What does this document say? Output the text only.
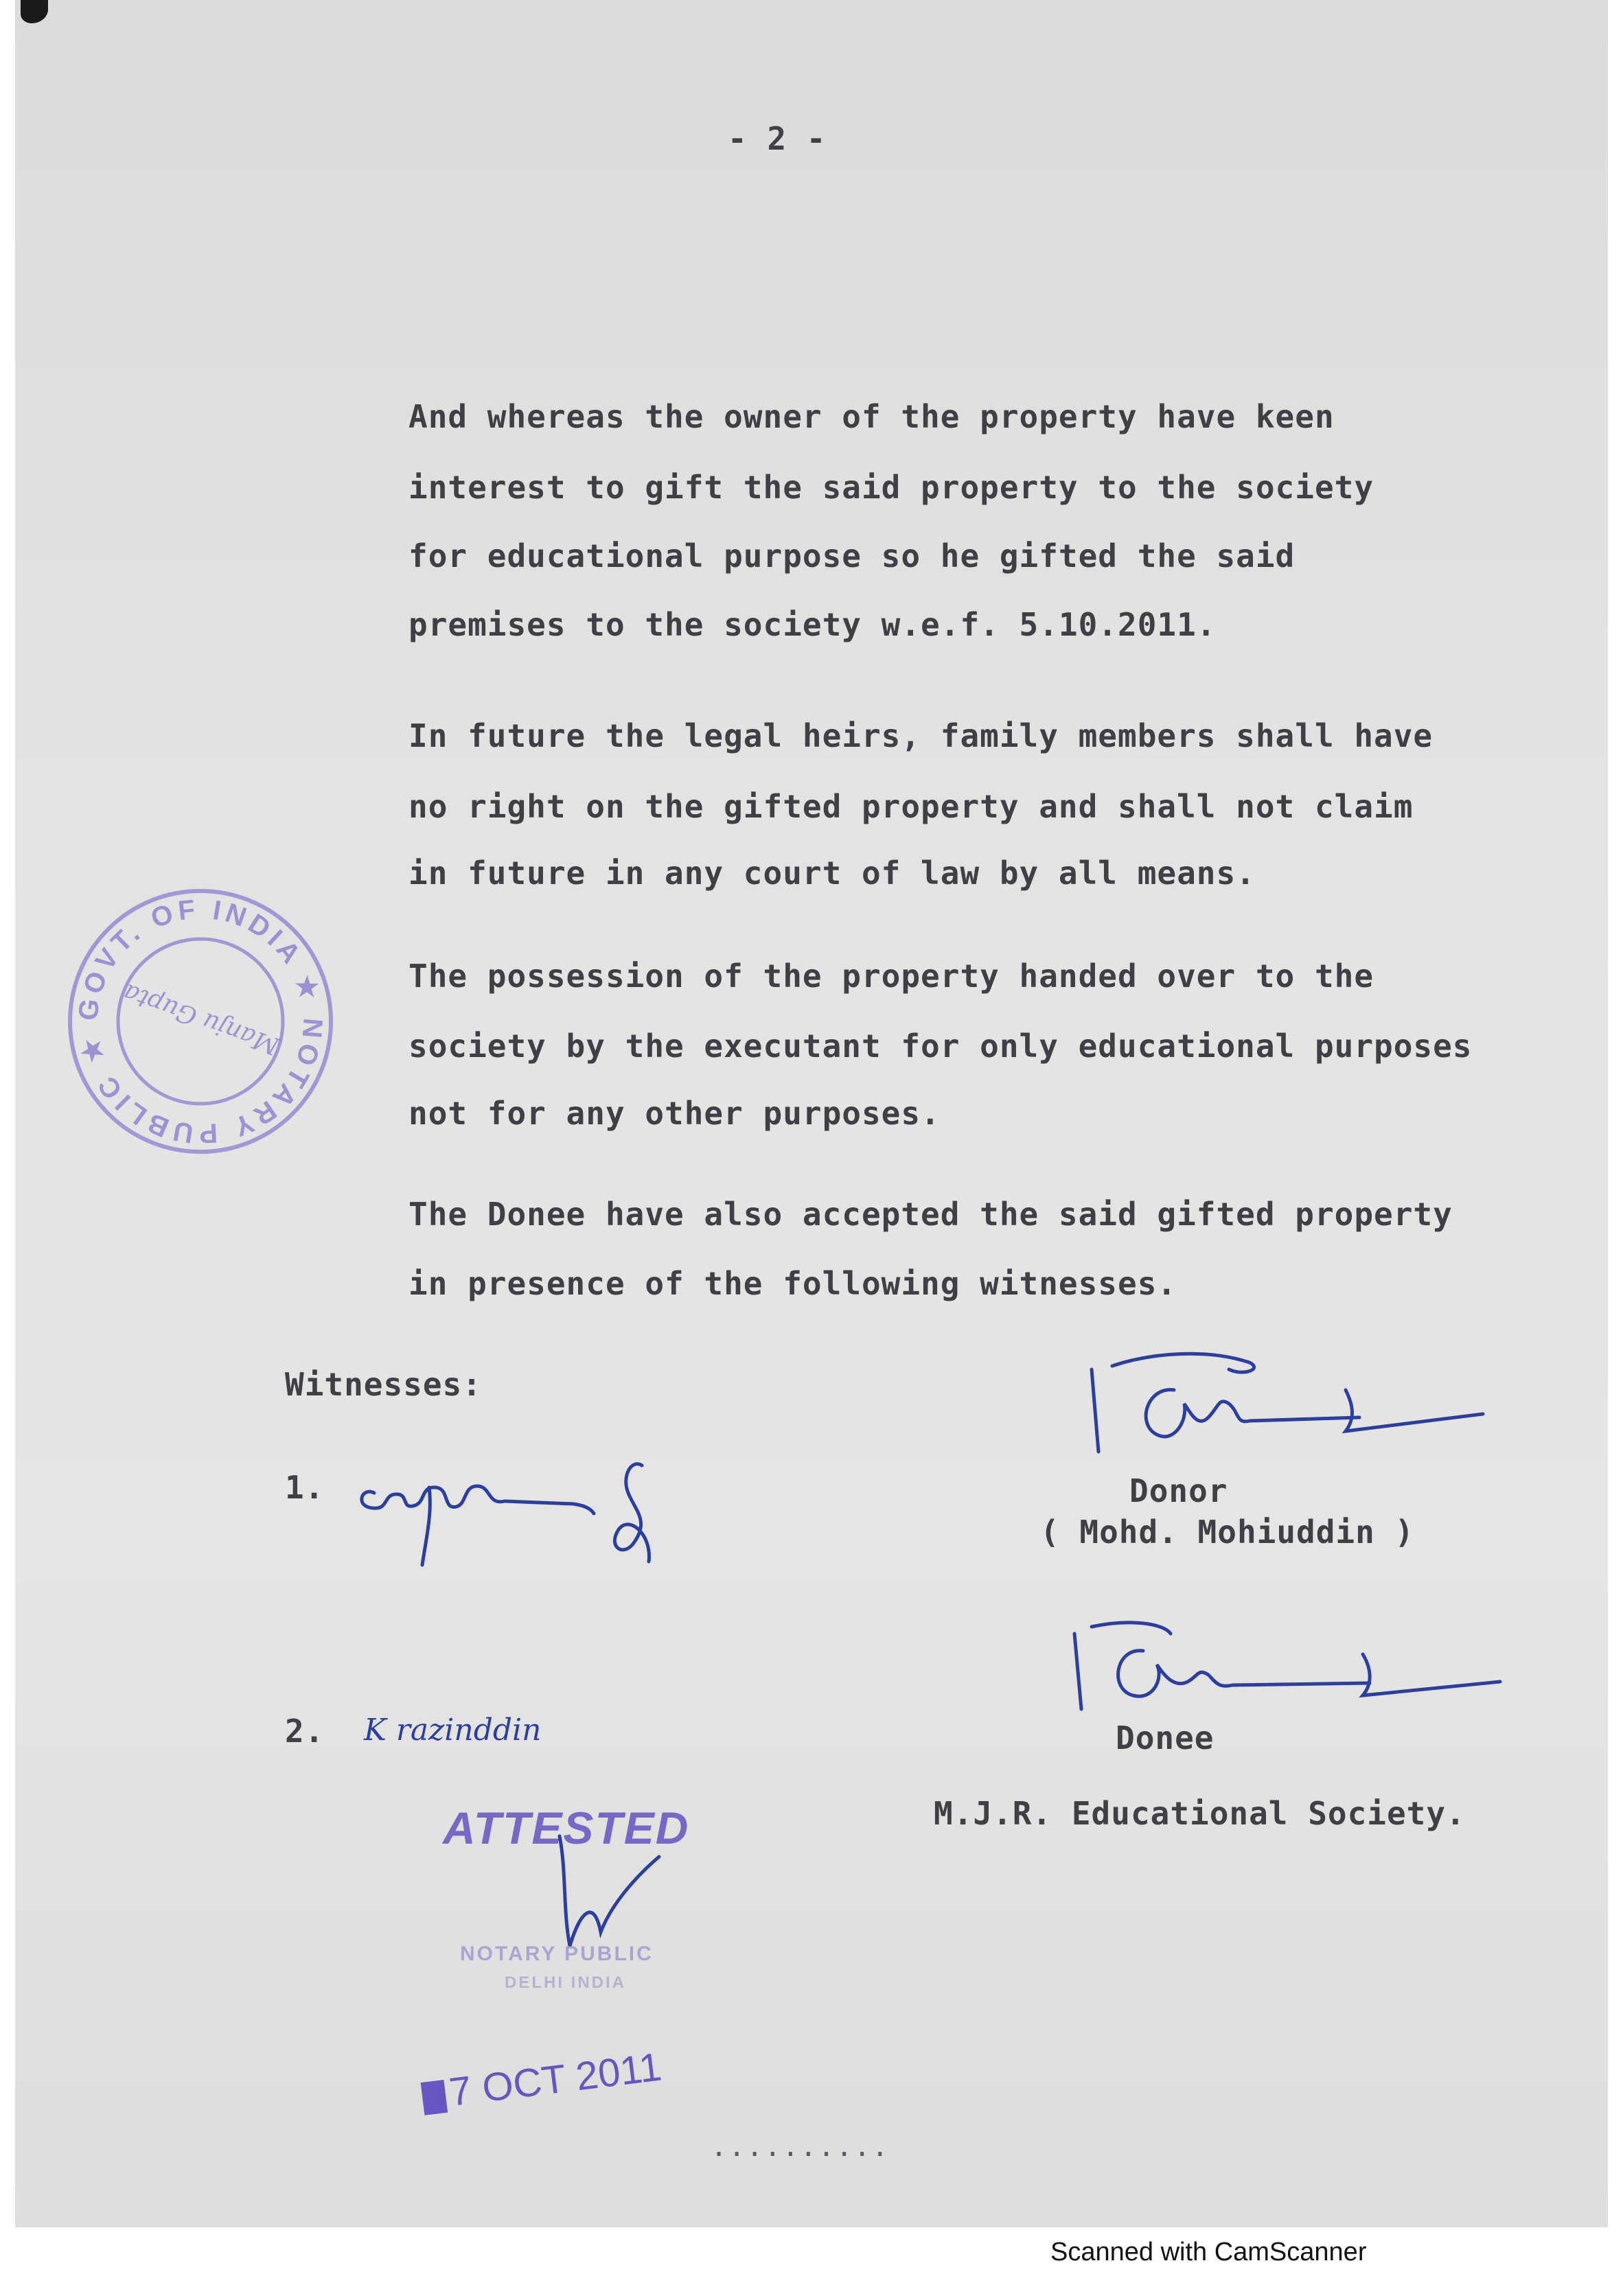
- 2 -
And whereas the owner of the property have keen
interest to gift the said property to the society
for educational purpose so he gifted the said
premises to the society w.e.f. 5.10.2011.
In future the legal heirs, family members shall have
no right on the gifted property and shall not claim
in future in any court of law by all means.
The possession of the property handed over to the
society by the executant for only educational purposes
not for any other purposes.
The Donee have also accepted the said gifted property
in presence of the following witnesses.
GOVT. OF INDIA ★ NOTARY PUBLIC ★ Manju Gupta
Witnesses:
1.
2. K razinddin
Donor
( Mohd. Mohiuddin )
Donee
M.J.R. Educational Society.
ATTESTED
NOTARY PUBLIC
DELHI INDIA
7 OCT 2011
..........
Scanned with CamScanner
